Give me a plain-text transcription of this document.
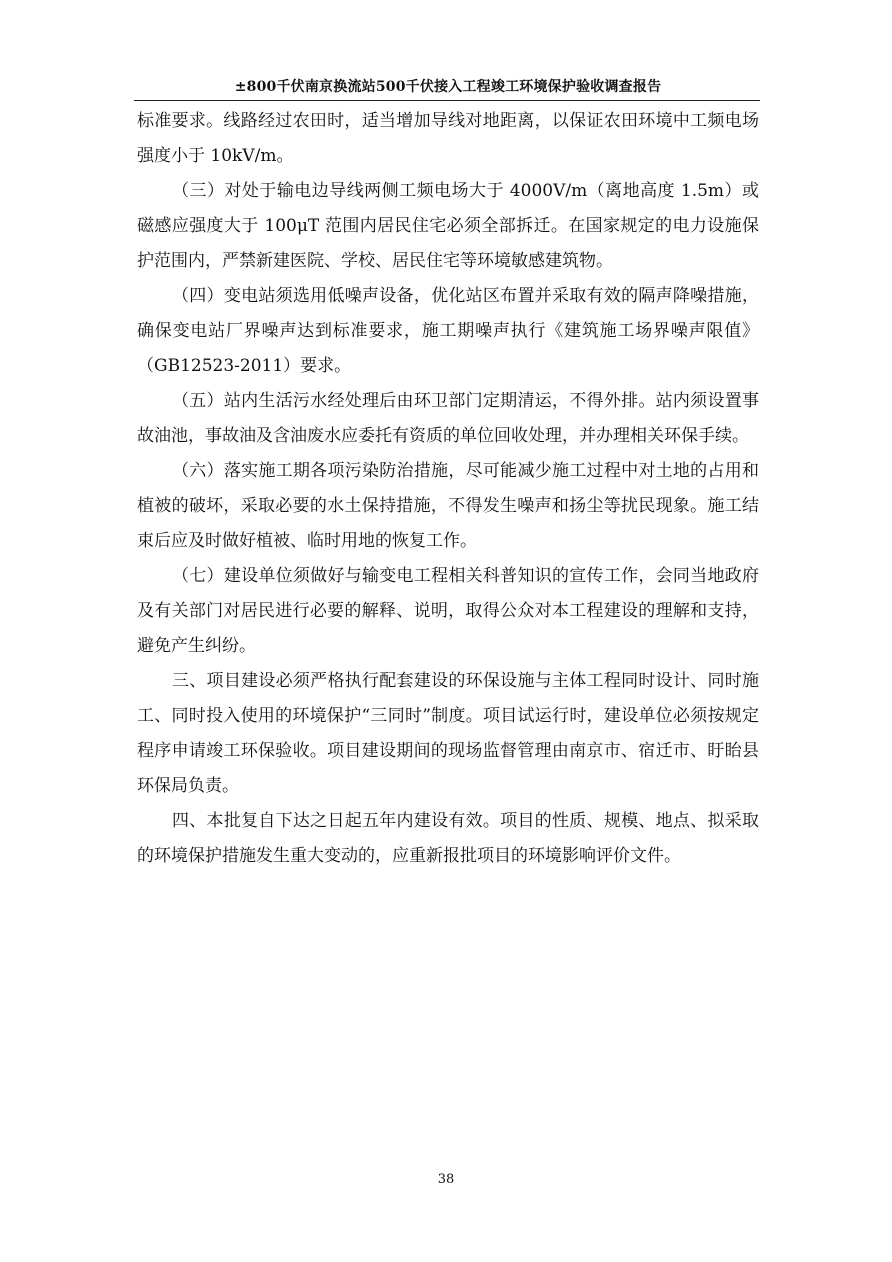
±800千伏南京换流站500千伏接入工程竣工环境保护验收调查报告

标准要求。线路经过农田时，适当增加导线对地距离，以保证农田环境中工频电场强度小于 10kV/m。

（三）对处于输电边导线两侧工频电场大于 4000V/m（离地高度 1.5m）或磁感应强度大于 100μT 范围内居民住宅必须全部拆迁。在国家规定的电力设施保护范围内，严禁新建医院、学校、居民住宅等环境敏感建筑物。

（四）变电站须选用低噪声设备，优化站区布置并采取有效的隔声降噪措施，确保变电站厂界噪声达到标准要求，施工期噪声执行《建筑施工场界噪声限值》（GB12523-2011）要求。

（五）站内生活污水经处理后由环卫部门定期清运，不得外排。站内须设置事故油池，事故油及含油废水应委托有资质的单位回收处理，并办理相关环保手续。

（六）落实施工期各项污染防治措施，尽可能减少施工过程中对土地的占用和植被的破坏，采取必要的水土保持措施，不得发生噪声和扬尘等扰民现象。施工结束后应及时做好植被、临时用地的恢复工作。

（七）建设单位须做好与输变电工程相关科普知识的宣传工作，会同当地政府及有关部门对居民进行必要的解释、说明，取得公众对本工程建设的理解和支持，避免产生纠纷。

三、项目建设必须严格执行配套建设的环保设施与主体工程同时设计、同时施工、同时投入使用的环境保护“三同时”制度。项目试运行时，建设单位必须按规定程序申请竣工环保验收。项目建设期间的现场监督管理由南京市、宿迁市、盱眙县环保局负责。

四、本批复自下达之日起五年内建设有效。项目的性质、规模、地点、拟采取的环境保护措施发生重大变动的，应重新报批项目的环境影响评价文件。

38
